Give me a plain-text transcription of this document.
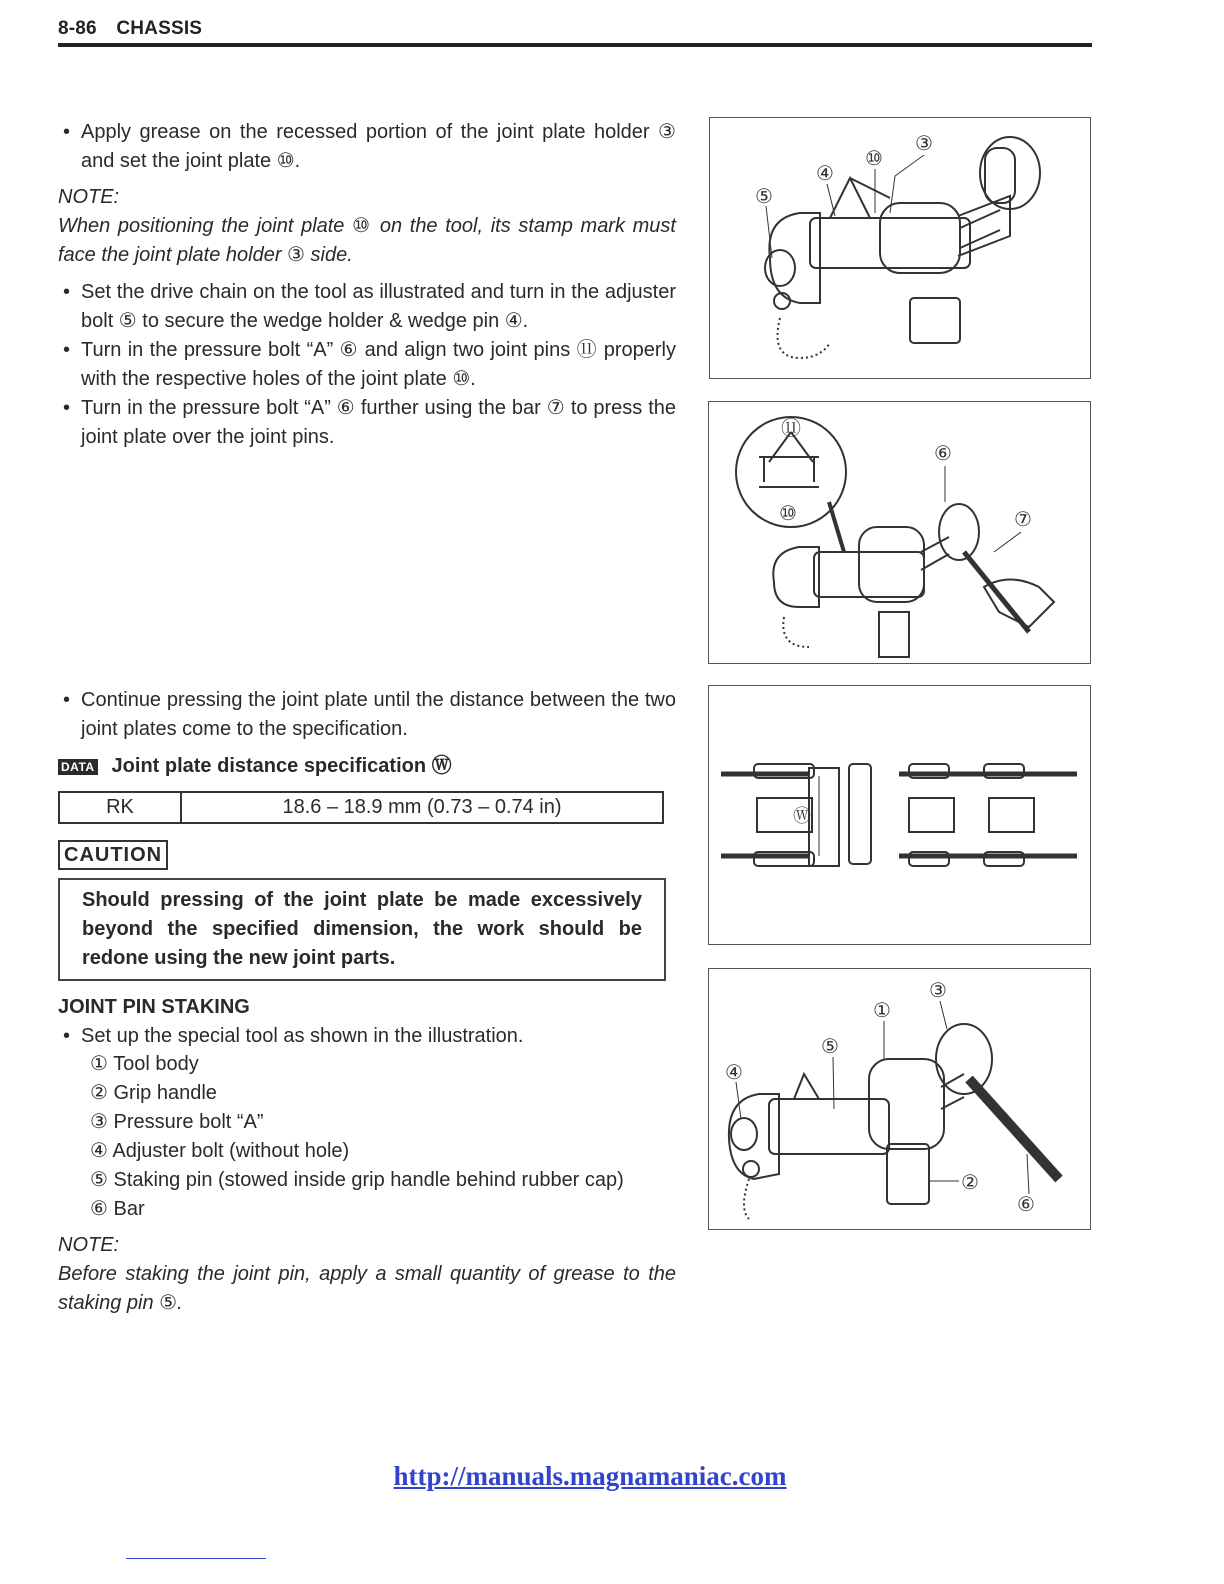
8-86 CHASSIS
• Apply grease on the recessed portion of the joint plate holder ③ and set the joint plate ⑩.
NOTE:
When positioning the joint plate ⑩ on the tool, its stamp mark must face the joint plate holder ③ side.
• Set the drive chain on the tool as illustrated and turn in the adjuster bolt ⑤ to secure the wedge holder & wedge pin ④.
• Turn in the pressure bolt “A” ⑥ and align two joint pins ⑪ properly with the respective holes of the joint plate ⑩.
• Turn in the pressure bolt “A” ⑥ further using the bar ⑦ to press the joint plate over the joint pins.
• Continue pressing the joint plate until the distance between the two joint plates come to the specification.
DATA Joint plate distance specification Ⓦ
RK	18.6 – 18.9 mm (0.73 – 0.74 in)
CAUTION
Should pressing of the joint plate be made excessively beyond the specified dimension, the work should be redone using the new joint parts.
JOINT PIN STAKING
• Set up the special tool as shown in the illustration.
① Tool body
② Grip handle
③ Pressure bolt “A”
④ Adjuster bolt (without hole)
⑤ Staking pin (stowed inside grip handle behind rubber cap)
⑥ Bar
NOTE:
Before staking the joint pin, apply a small quantity of grease to the staking pin ⑤.
⑤
④
⑩
③
⑪
⑩
⑥
⑦
Ⓦ
④
⑤
①
③
②
⑥
http://manuals.magnamaniac.com
